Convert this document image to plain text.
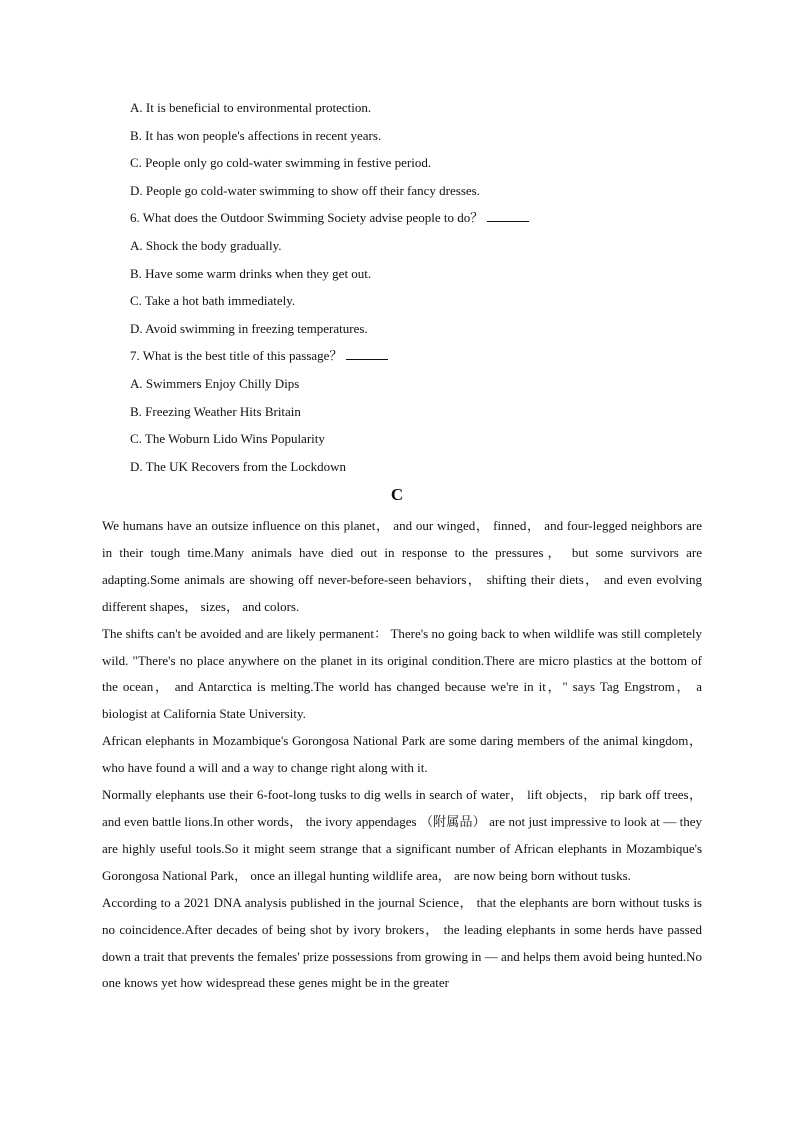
A. It is beneficial to environmental protection.
B. It has won people's affections in recent years.
C. People only go cold-water swimming in festive period.
D. People go cold-water swimming to show off their fancy dresses.
6. What does the Outdoor Swimming Society advise people to do？
A. Shock the body gradually.
B. Have some warm drinks when they get out.
C. Take a hot bath immediately.
D. Avoid swimming in freezing temperatures.
7. What is the best title of this passage？
A. Swimmers Enjoy Chilly Dips
B. Freezing Weather Hits Britain
C. The Woburn Lido Wins Popularity
D. The UK Recovers from the Lockdown
C

We humans have an outsize influence on this planet， and our winged， finned， and four-legged neighbors are in their tough time.Many animals have died out in response to the pressures， but some survivors are adapting.Some animals are showing off never-before-seen behaviors， shifting their diets， and even evolving different shapes， sizes， and colors.

The shifts can't be avoided and are likely permanent： There's no going back to when wildlife was still completely wild. "There's no place anywhere on the planet in its original condition.There are micro plastics at the bottom of the ocean， and Antarctica is melting.The world has changed because we're in it，" says Tag Engstrom， a biologist at California State University.

African elephants in Mozambique's Gorongosa National Park are some daring members of the animal kingdom， who have found a will and a way to change right along with it.

Normally elephants use their 6-foot-long tusks to dig wells in search of water， lift objects， rip bark off trees， and even battle lions.In other words， the ivory appendages （附属品） are not just impressive to look at — they are highly useful tools.So it might seem strange that a significant number of African elephants in Mozambique's Gorongosa National Park， once an illegal hunting wildlife area， are now being born without tusks.

According to a 2021 DNA analysis published in the journal Science， that the elephants are born without tusks is no coincidence.After decades of being shot by ivory brokers， the leading elephants in some herds have passed down a trait that prevents the females' prize possessions from growing in — and helps them avoid being hunted.No one knows yet how widespread these genes might be in the greater
